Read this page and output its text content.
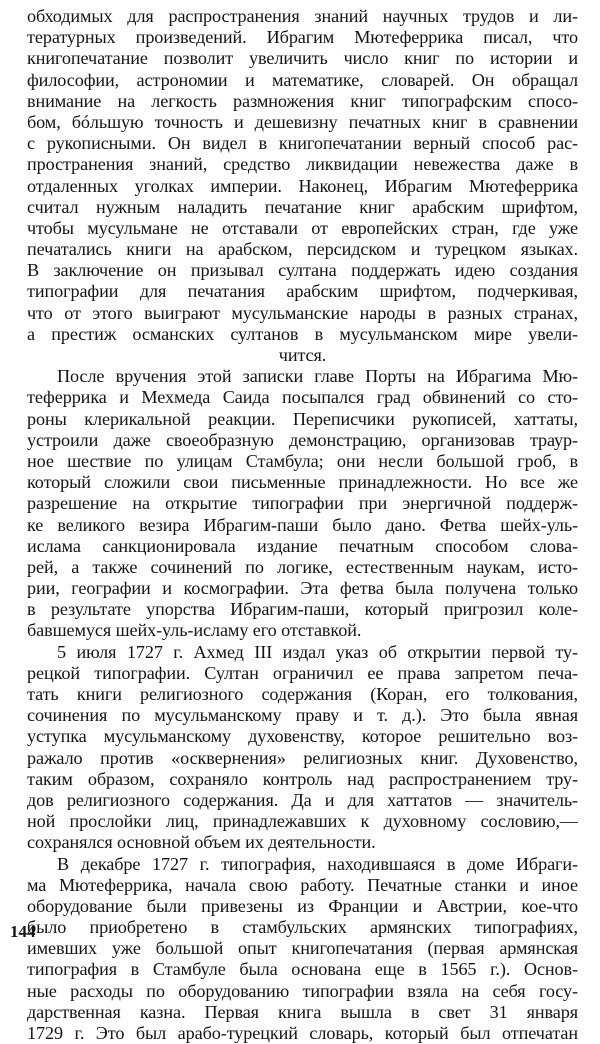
обходимых для распространения знаний научных трудов и ли-
тературных произведений. Ибрагим Мютеферрика писал, что
книгопечатание позволит увеличить число книг по истории и
философии, астрономии и математике, словарей. Он обращал
внимание на легкость размножения книг типографским спосо-
бом, бóльшую точность и дешевизну печатных книг в сравнении
с рукописными. Он видел в книгопечатании верный способ рас-
пространения знаний, средство ликвидации невежества даже в
отдаленных уголках империи. Наконец, Ибрагим Мютеферрика
считал нужным наладить печатание книг арабским шрифтом,
чтобы мусульмане не отставали от европейских стран, где уже
печатались книги на арабском, персидском и турецком языках.
В заключение он призывал султана поддержать идею создания
типографии для печатания арабским шрифтом, подчеркивая,
что от этого выиграют мусульманские народы в разных странах,
а престиж османских султанов в мусульманском мире увели-
чится.
После вручения этой записки главе Порты на Ибрагима Мю-
теферрика и Мехмеда Саида посыпался град обвинений со сто-
роны клерикальной реакции. Переписчики рукописей, хаттаты,
устроили даже своеобразную демонстрацию, организовав траур-
ное шествие по улицам Стамбула; они несли большой гроб, в
который сложили свои письменные принадлежности. Но все же
разрешение на открытие типографии при энергичной поддерж-
ке великого везира Ибрагим-паши было дано. Фетва шейх-уль-
ислама санкционировала издание печатным способом слова-
рей, а также сочинений по логике, естественным наукам, исто-
рии, географии и космографии. Эта фетва была получена только
в результате упорства Ибрагим-паши, который пригрозил коле-
бавшемуся шейх-уль-исламу его отставкой.
5 июля 1727 г. Ахмед III издал указ об открытии первой ту-
рецкой типографии. Султан ограничил ее права запретом печа-
тать книги религиозного содержания (Коран, его толкования,
сочинения по мусульманскому праву и т. д.). Это была явная
уступка мусульманскому духовенству, которое решительно воз-
ражало против «осквернения» религиозных книг. Духовенство,
таким образом, сохраняло контроль над распространением тру-
дов религиозного содержания. Да и для хаттатов — значитель-
ной прослойки лиц, принадлежавших к духовному сословию,—
сохранялся основной объем их деятельности.
В декабре 1727 г. типография, находившаяся в доме Ибраги-
ма Мютеферрика, начала свою работу. Печатные станки и иное
оборудование были привезены из Франции и Австрии, кое-что
было приобретено в стамбульских армянских типографиях,
имевших уже большой опыт книгопечатания (первая армянская
типография в Стамбуле была основана еще в 1565 г.). Основ-
ные расходы по оборудованию типографии взяла на себя госу-
дарственная казна. Первая книга вышла в свет 31 января
1729 г. Это был арабо-турецкий словарь, который был отпечатан
144
